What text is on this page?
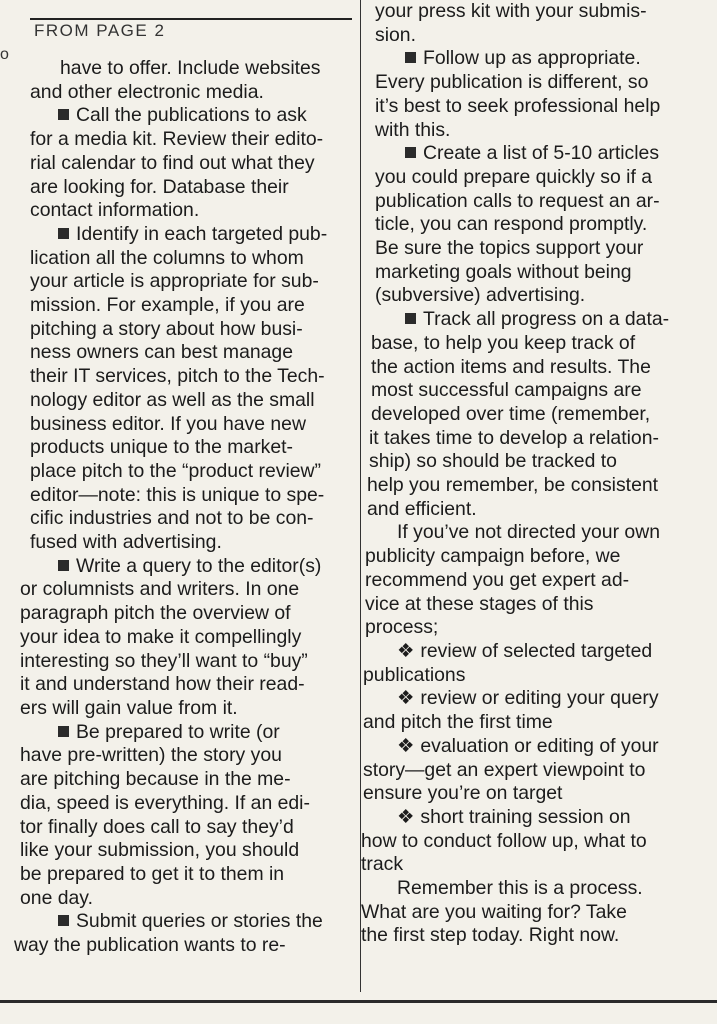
o
FROM PAGE 2
have to offer. Include websites
and other electronic media.
Call the publications to ask
for a media kit. Review their edito-
rial calendar to find out what they
are looking for. Database their
contact information.
Identify in each targeted pub-
lication all the columns to whom
your article is appropriate for sub-
mission. For example, if you are
pitching a story about how busi-
ness owners can best manage
their IT services, pitch to the Tech-
nology editor as well as the small
business editor. If you have new
products unique to the market-
place pitch to the “product review”
editor—note: this is unique to spe-
cific industries and not to be con-
fused with advertising.
Write a query to the editor(s)
or columnists and writers. In one
paragraph pitch the overview of
your idea to make it compellingly
interesting so they’ll want to “buy”
it and understand how their read-
ers will gain value from it.
Be prepared to write (or
have pre-written) the story you
are pitching because in the me-
dia, speed is everything. If an edi-
tor finally does call to say they’d
like your submission, you should
be prepared to get it to them in
one day.
Submit queries or stories the
way the publication wants to re-
your press kit with your submis-
sion.
Follow up as appropriate.
Every publication is different, so
it’s best to seek professional help
with this.
Create a list of 5-10 articles
you could prepare quickly so if a
publication calls to request an ar-
ticle, you can respond promptly.
Be sure the topics support your
marketing goals without being
(subversive) advertising.
Track all progress on a data-
base, to help you keep track of
the action items and results. The
most successful campaigns are
developed over time (remember,
it takes time to develop a relation-
ship) so should be tracked to
help you remember, be consistent
and efficient.
If you’ve not directed your own
publicity campaign before, we
recommend you get expert ad-
vice at these stages of this
process;
❖ review of selected targeted
publications
❖ review or editing your query
and pitch the first time
❖ evaluation or editing of your
story—get an expert viewpoint to
ensure you’re on target
❖ short training session on
how to conduct follow up, what to
track
Remember this is a process.
What are you waiting for? Take
the first step today. Right now.
